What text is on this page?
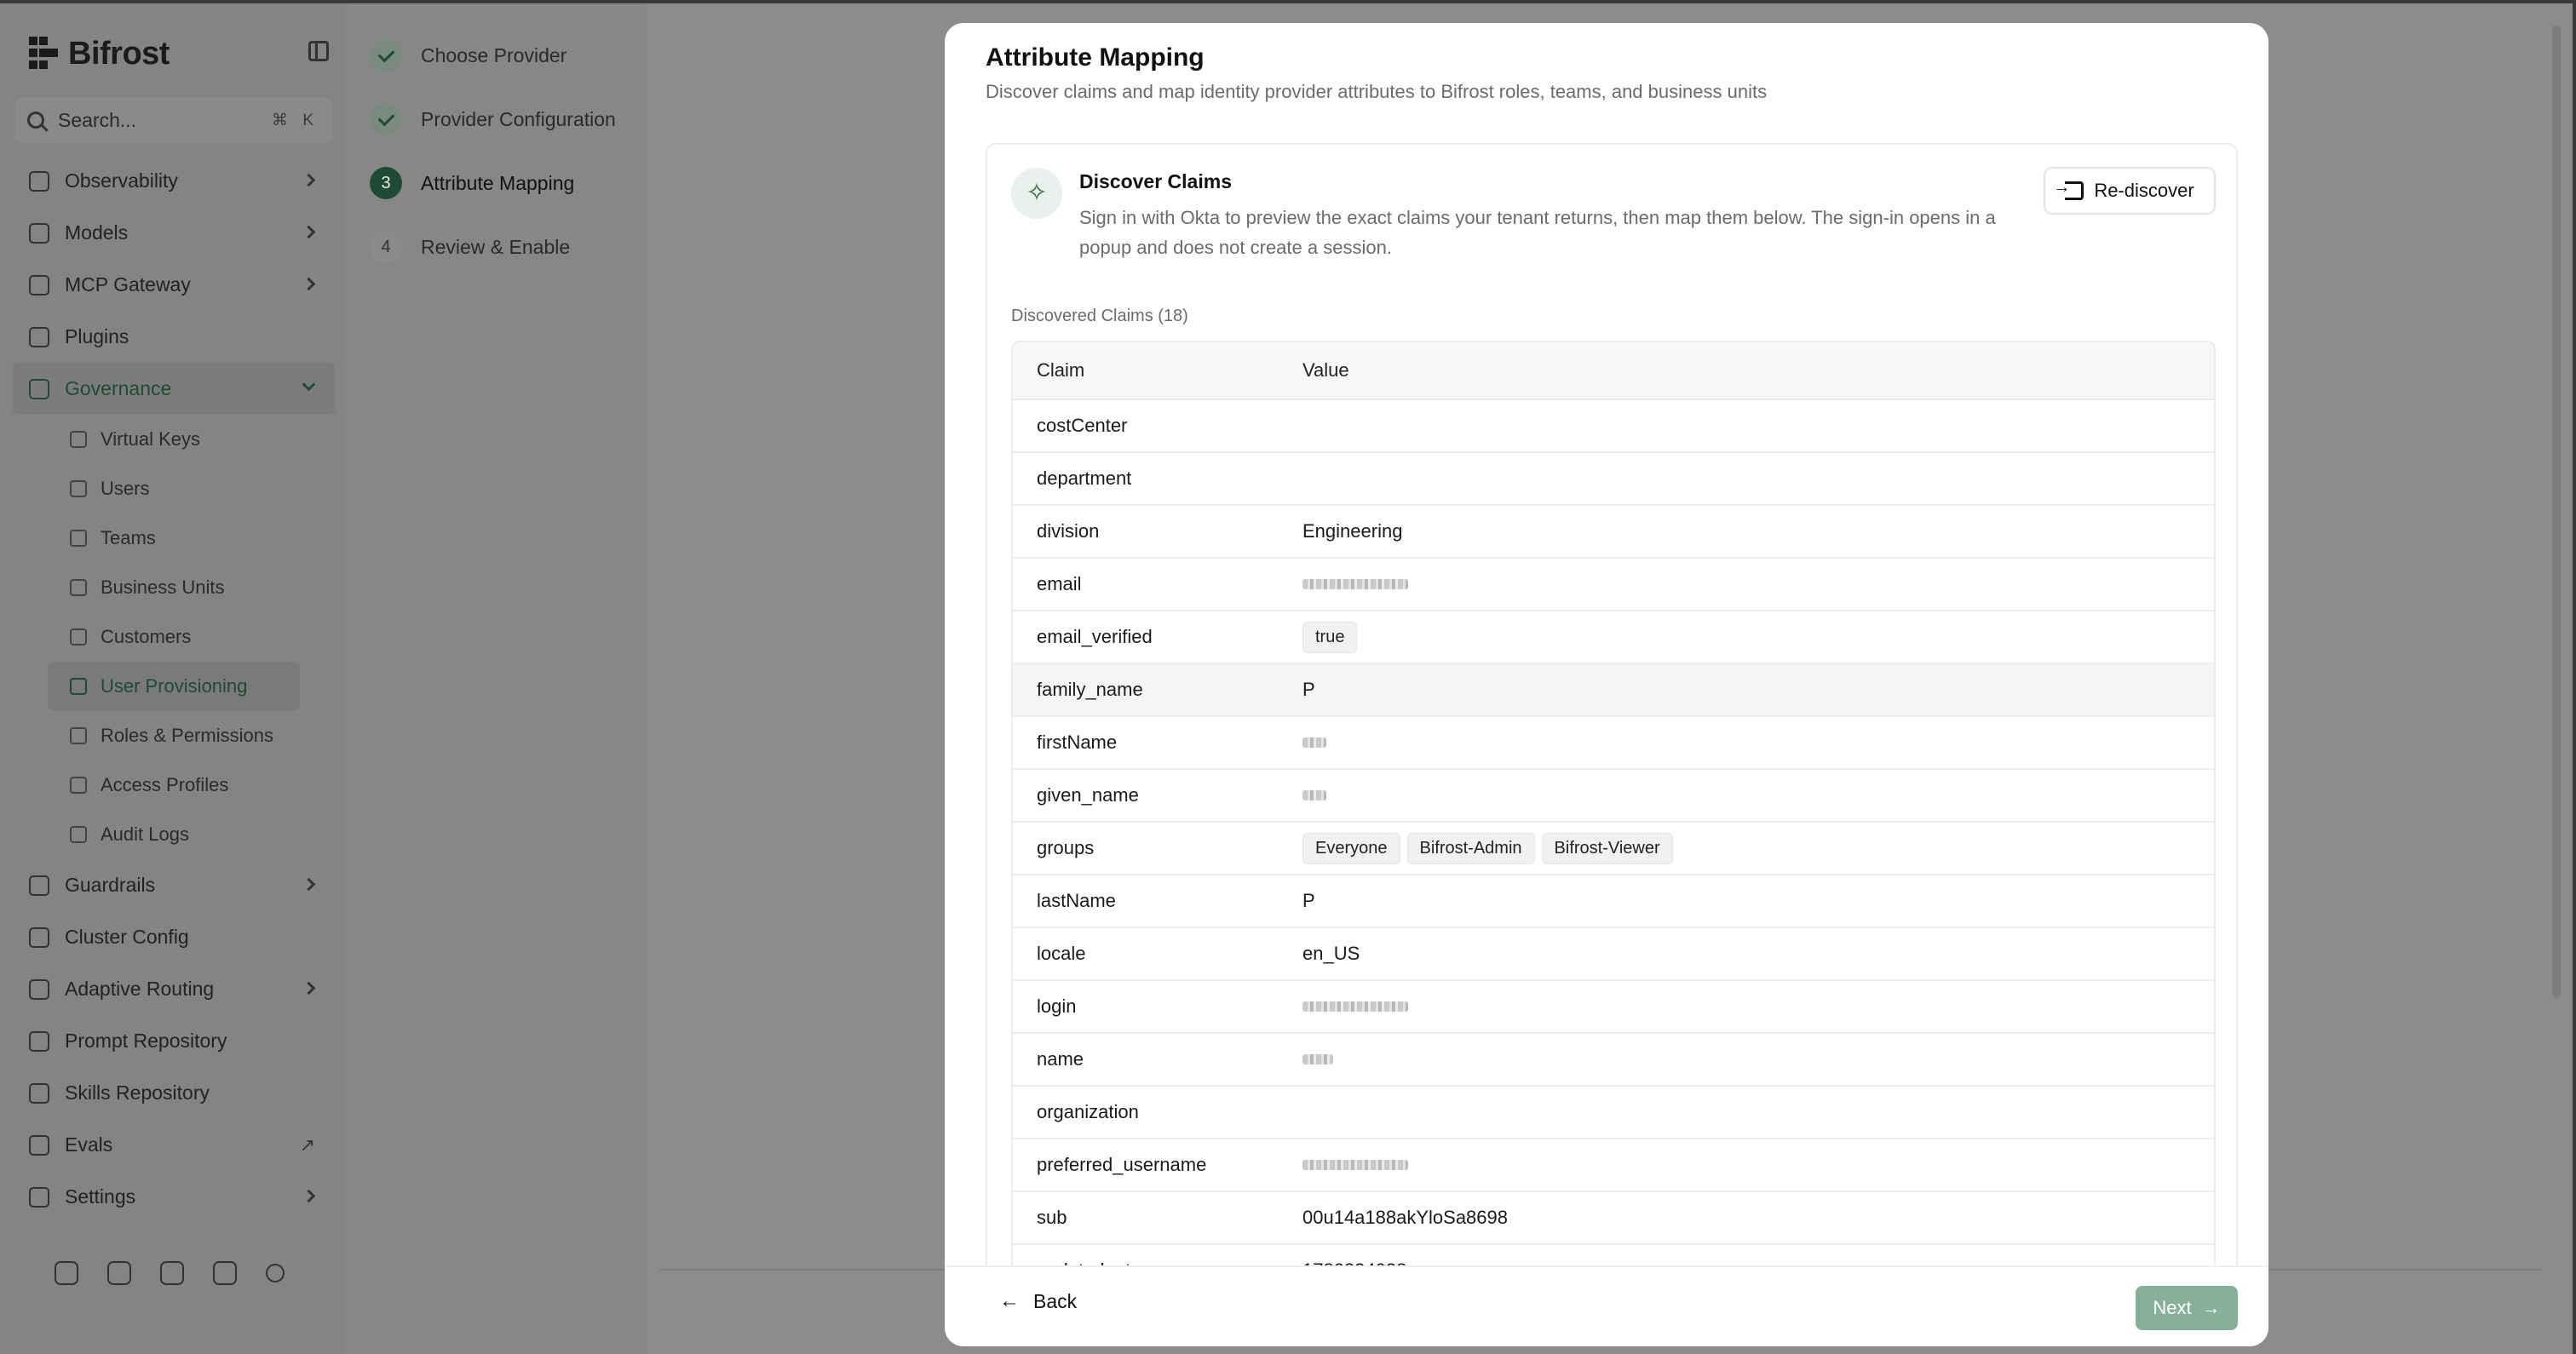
Bifrost
Search...	⌘ K
Observability
Models
MCP Gateway
Plugins
Governance
Virtual Keys
Users
Teams
Business Units
Customers
User Provisioning
Roles & Permissions
Access Profiles
Audit Logs
Guardrails
Cluster Config
Adaptive Routing
Prompt Repository
Skills Repository
Evals	↗
Settings
Choose Provider
Provider Configuration
3	Attribute Mapping
4	Review & Enable
Attribute Mapping

Discover claims and map identity provider attributes to Bifrost roles, teams, and business units

✧ Discover Claims
Sign in with Okta to preview the exact claims your tenant returns, then map them below. The sign-in opens in a popup and does not create a session.
→
Re-discover
Discovered Claims (18)
Claim	Value
costCenter
department
division	Engineering
email
email_verified	true
family_name	P
firstName
given_name
groups	Everyone	Bifrost-Admin	Bifrost-Viewer
lastName	P
locale	en_US
login
name
organization
preferred_username
sub	00u14a188akYloSa8698
← Back	Next →
